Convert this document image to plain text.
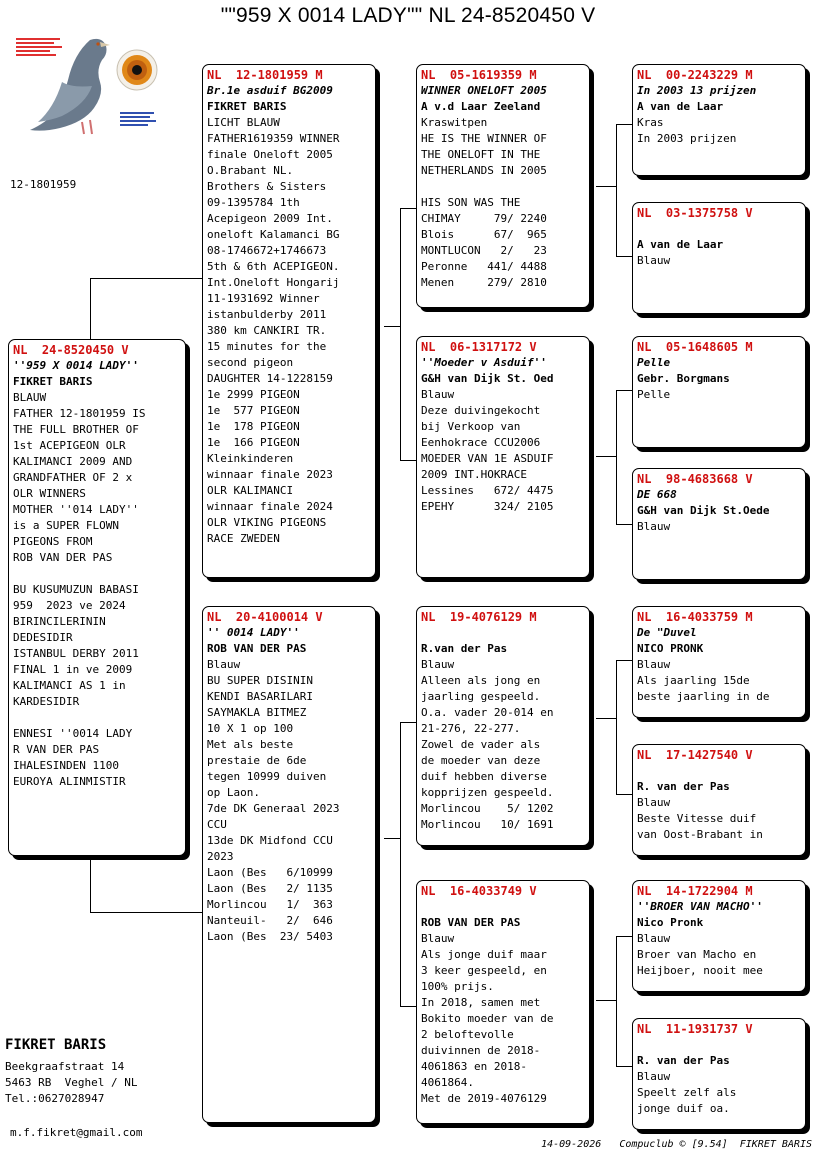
""959 X 0014 LADY"" NL 24-8520450 V
12-1801959
NL  24-8520450 V
''959 X 0014 LADY''
FIKRET BARIS
BLAUW
FATHER 12-1801959 IS
THE FULL BROTHER OF
1st ACEPIGEON OLR
KALIMANCI 2009 AND
GRANDFATHER OF 2 x
OLR WINNERS
MOTHER ''014 LADY''
is a SUPER FLOWN
PIGEONS FROM
ROB VAN DER PAS

BU KUSUMUZUN BABASI
959  2023 ve 2024
BIRINCILERININ
DEDESIDIR
ISTANBUL DERBY 2011
FINAL 1 in ve 2009
KALIMANCI AS 1 in
KARDESIDIR

ENNESI ''0014 LADY
R VAN DER PAS
IHALESINDEN 1100
EUROYA ALINMISTIR
NL  12-1801959 M
Br.1e asduif BG2009
FIKRET BARIS
LICHT BLAUW
FATHER1619359 WINNER
finale Oneloft 2005
O.Brabant NL.
Brothers & Sisters
09-1395784 1th
Acepigeon 2009 Int.
oneloft Kalamanci BG
08-1746672+1746673
5th & 6th ACEPIGEON.
Int.Oneloft Hongarij
11-1931692 Winner
istanbulderby 2011
380 km CANKIRI TR.
15 minutes for the
second pigeon
DAUGHTER 14-1228159
1e 2999 PIGEON
1e  577 PIGEON
1e  178 PIGEON
1e  166 PIGEON
Kleinkinderen
winnaar finale 2023
OLR KALIMANCI
winnaar finale 2024
OLR VIKING PIGEONS
RACE ZWEDEN
NL  20-4100014 V
'' 0014 LADY''
ROB VAN DER PAS
Blauw
BU SUPER DISININ
KENDI BASARILARI
SAYMAKLA BITMEZ
10 X 1 op 100
Met als beste
prestaie de 6de
tegen 10999 duiven
op Laon.
7de DK Generaal 2023
CCU
13de DK Midfond CCU
2023
Laon (Bes   6/10999
Laon (Bes   2/ 1135
Morlincou   1/  363
Nanteuil-   2/  646
Laon (Bes  23/ 5403
NL  05-1619359 M
WINNER ONELOFT 2005
A v.d Laar Zeeland
Kraswitpen
HE IS THE WINNER OF
THE ONELOFT IN THE
NETHERLANDS IN 2005

HIS SON WAS THE
CHIMAY     79/ 2240
Blois      67/  965
MONTLUCON   2/   23
Peronne   441/ 4488
Menen     279/ 2810
NL  06-1317172 V
''Moeder v Asduif''
G&H van Dijk St. Oed
Blauw
Deze duivingekocht
bij Verkoop van
Eenhokrace CCU2006
MOEDER VAN 1E ASDUIF
2009 INT.HOKRACE
Lessines   672/ 4475
EPEHY      324/ 2105
NL  19-4076129 M

R.van der Pas
Blauw
Alleen als jong en
jaarling gespeeld.
O.a. vader 20-014 en
21-276, 22-277.
Zowel de vader als
de moeder van deze
duif hebben diverse
kopprijzen gespeeld.
Morlincou    5/ 1202
Morlincou   10/ 1691
NL  16-4033749 V

ROB VAN DER PAS
Blauw
Als jonge duif maar
3 keer gespeeld, en
100% prijs.
In 2018, samen met
Bokito moeder van de
2 beloftevolle
duivinnen de 2018-
4061863 en 2018-
4061864.
Met de 2019-4076129
NL  00-2243229 M
In 2003 13 prijzen
A van de Laar
Kras
In 2003 prijzen
NL  03-1375758 V

A van de Laar
Blauw
NL  05-1648605 M
Pelle
Gebr. Borgmans
Pelle
NL  98-4683668 V
DE 668
G&H van Dijk St.Oede
Blauw
NL  16-4033759 M
De "Duvel
NICO PRONK
Blauw
Als jaarling 15de
beste jaarling in de
NL  17-1427540 V

R. van der Pas
Blauw
Beste Vitesse duif
van Oost-Brabant in
NL  14-1722904 M
''BROER VAN MACHO''
Nico Pronk
Blauw
Broer van Macho en
Heijboer, nooit mee
NL  11-1931737 V

R. van der Pas
Blauw
Speelt zelf als
jonge duif oa.
FIKRET BARIS
Beekgraafstraat 14
5463 RB  Veghel / NL
Tel.:0627028947
m.f.fikret@gmail.com
14-09-2026   Compuclub © [9.54]  FIKRET BARIS
